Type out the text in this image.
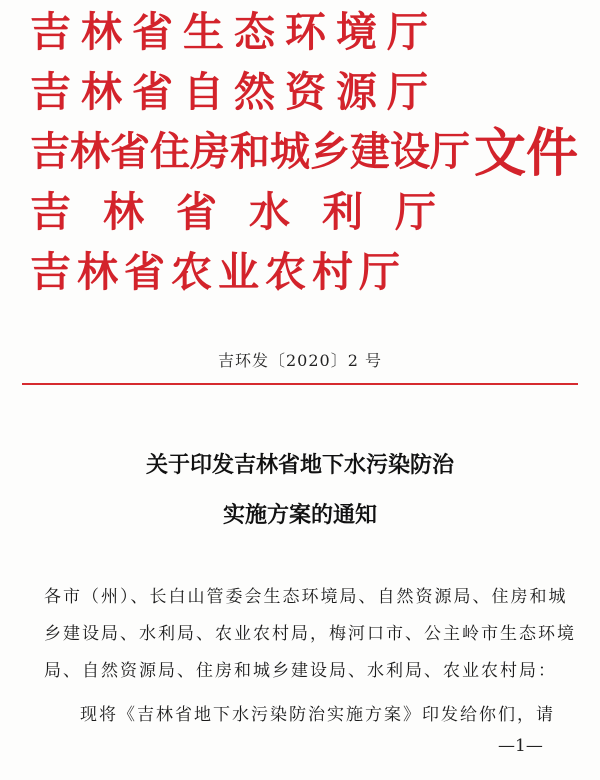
吉林省生态环境厅
吉林省自然资源厅
吉林省住房和城乡建设厅
吉林省水利厅
吉林省农业农村厅
文件
吉环发〔2020〕2 号
关于印发吉林省地下水污染防治
实施方案的通知
各市（州）、长白山管委会生态环境局、自然资源局、住房和城
乡建设局、水利局、农业农村局，梅河口市、公主岭市生态环境
局、自然资源局、住房和城乡建设局、水利局、农业农村局：
现将《吉林省地下水污染防治实施方案》印发给你们，请
—1—
